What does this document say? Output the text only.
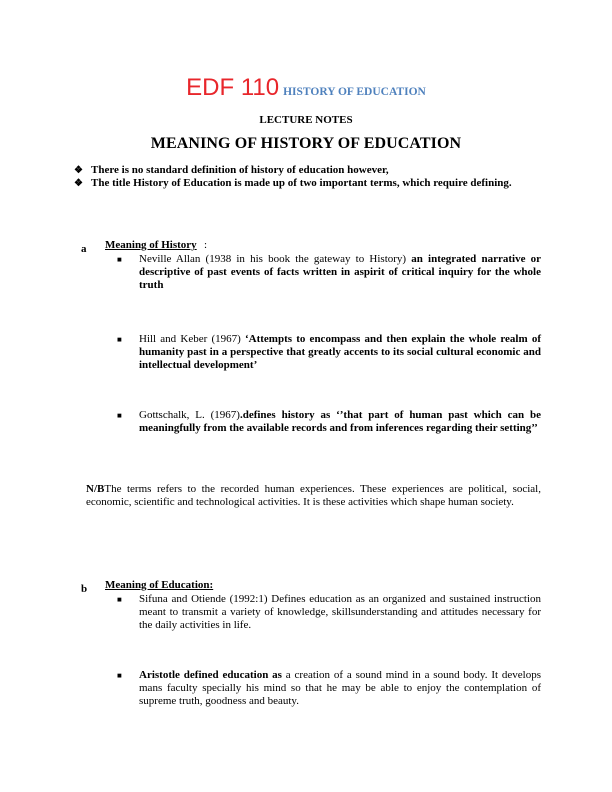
EDF 110 HISTORY OF EDUCATION
LECTURE NOTES
MEANING OF HISTORY OF EDUCATION
❖ There is no standard definition of history of education however,
❖ The title History of Education is made up of two important terms, which require defining.
a Meaning of History :
■	Neville Allan (1938 in his book the gateway to History) an integrated narrative or descriptive of past events of facts written in aspirit of critical inquiry for the whole truth
■	Hill and Keber (1967) ‘Attempts to encompass and then explain the whole realm of humanity past in a perspective that greatly accents to its social cultural economic and intellectual development’
■	Gottschalk, L. (1967).defines history as ‘’that part of human past which can be meaningfully from the available records and from inferences regarding their setting’’
N/BThe terms refers to the recorded human experiences. These experiences are political, social, economic, scientific and technological activities. It is these activities which shape human society.
b Meaning of Education:
■	Sifuna and Otiende (1992:1) Defines education as an organized and sustained instruction meant to transmit a variety of knowledge, skillsunderstanding and attitudes necessary for the daily activities in life.
■	Aristotle defined education as a creation of a sound mind in a sound body. It develops mans faculty specially his mind so that he may be able to enjoy the contemplation of supreme truth, goodness and beauty.
